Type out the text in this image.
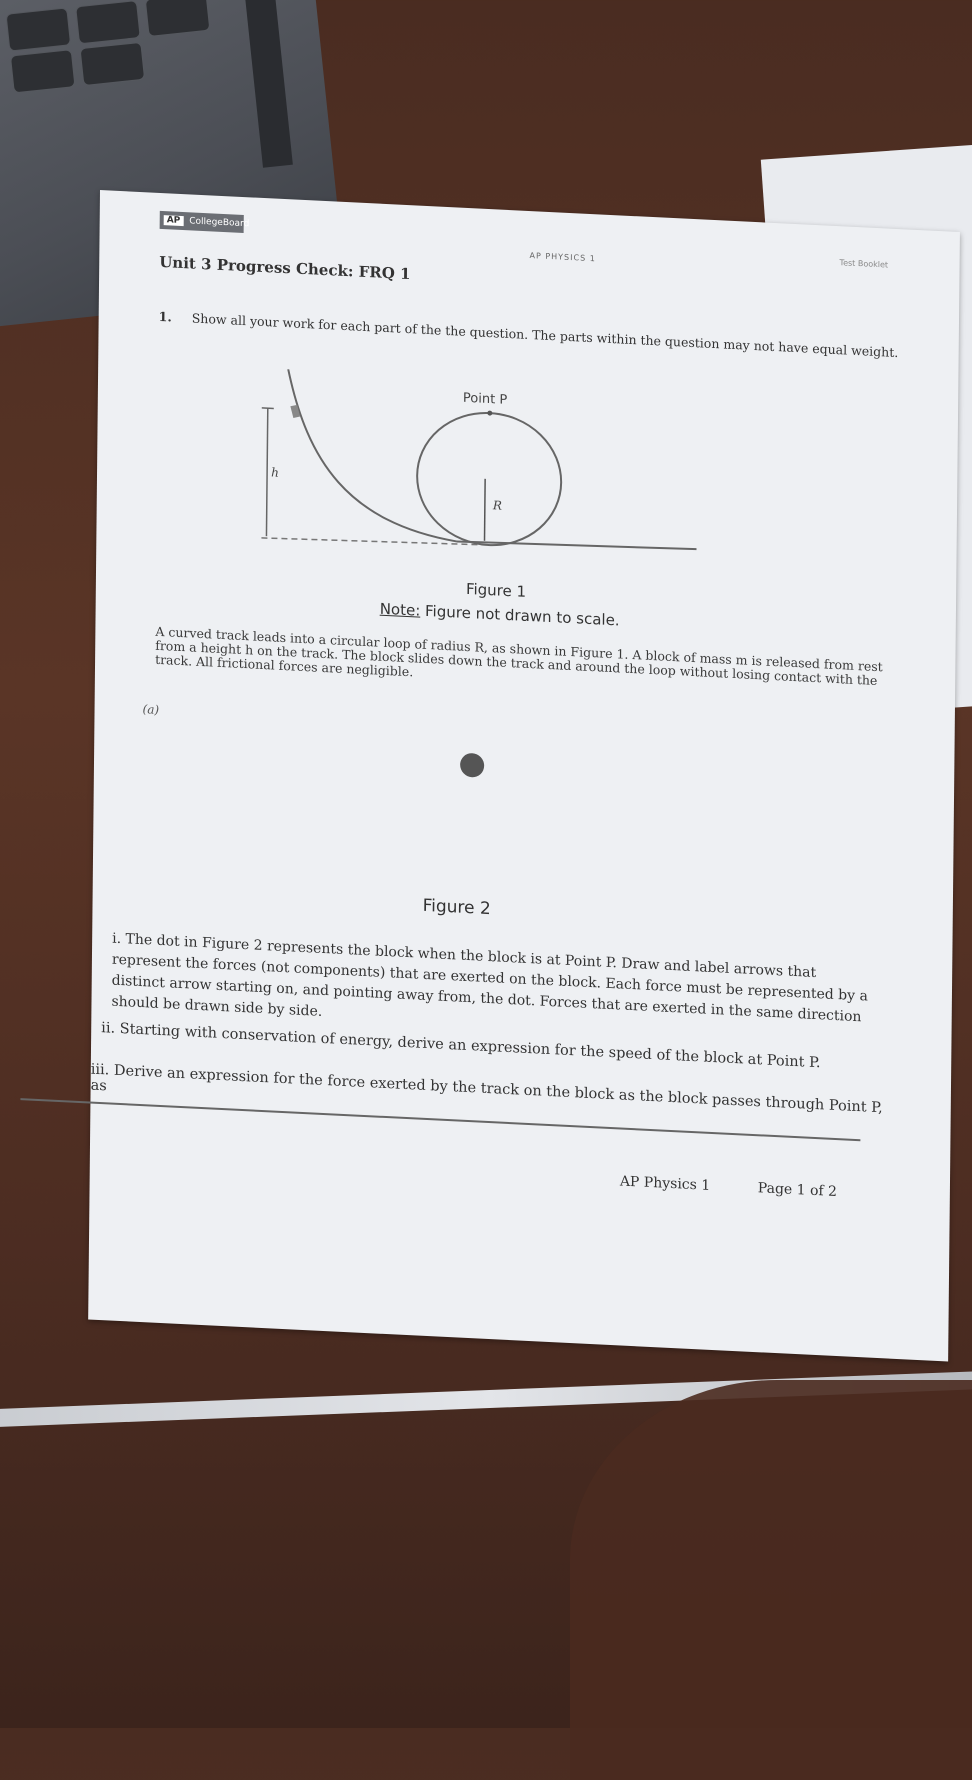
AP CollegeBoard
AP PHYSICS 1
Test Booklet
Unit 3 Progress Check: FRQ 1
1. Show all your work for each part of the the question. The parts within the question may not have equal weight.
Point P
R
h
Figure 1
Note: Figure not drawn to scale.
A curved track leads into a circular loop of radius R, as shown in Figure 1. A block of mass m is released from rest from a height h on the track. The block slides down the track and around the loop without losing contact with the track. All frictional forces are negligible.
(a)
Figure 2
i. The dot in Figure 2 represents the block when the block is at Point P. Draw and label arrows that represent the forces (not components) that are exerted on the block. Each force must be represented by a distinct arrow starting on, and pointing away from, the dot. Forces that are exerted in the same direction should be drawn side by side.
ii. Starting with conservation of energy, derive an expression for the speed of the block at Point P.
iii. Derive an expression for the force exerted by the track on the block as the block passes through Point P, as
AP Physics 1	Page 1 of 2
